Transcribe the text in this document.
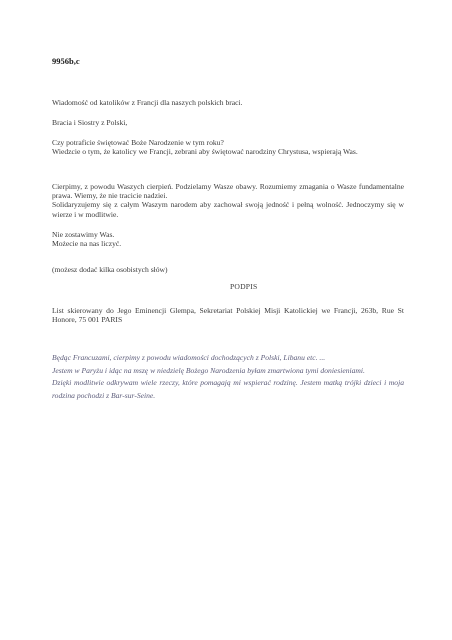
9956b,c

Wiadomość od katolików z Francji dla naszych polskich braci.

Bracia i Siostry z Polski,

Czy potraficie świętować Boże Narodzenie w tym roku?

Wiedzcie o tym, że katolicy we Francji, zebrani aby świętować narodziny Chrystusa, wspierają Was.

Cierpimy, z powodu Waszych cierpień. Podzielamy Wasze obawy. Rozumiemy zmagania o Wasze fundamentalne prawa. Wiemy, że nie tracicie nadziei.

Solidaryzujemy się z całym Waszym narodem aby zachował swoją jedność i pełną wolność. Jednoczymy się w wierze i w modlitwie.

Nie zostawimy Was.

Możecie na nas liczyć.

(możesz dodać kilka osobistych słów)

PODPIS

List skierowany do Jego Eminencji Glempa, Sekretariat Polskiej Misji Katolickiej we Francji, 263b, Rue St Honore, 75 001 PARIS

Będąc Francuzami, cierpimy z powodu wiadomości dochodzących z Polski, Libanu etc. ...

Jestem w Paryżu i idąc na mszę w niedzielę Bożego Narodzenia byłam zmartwiona tymi doniesieniami.

Dzięki modlitwie odkrywam wiele rzeczy, które pomagają mi wspierać rodzinę. Jestem matką trójki dzieci i moja rodzina pochodzi z Bar-sur-Seine.
